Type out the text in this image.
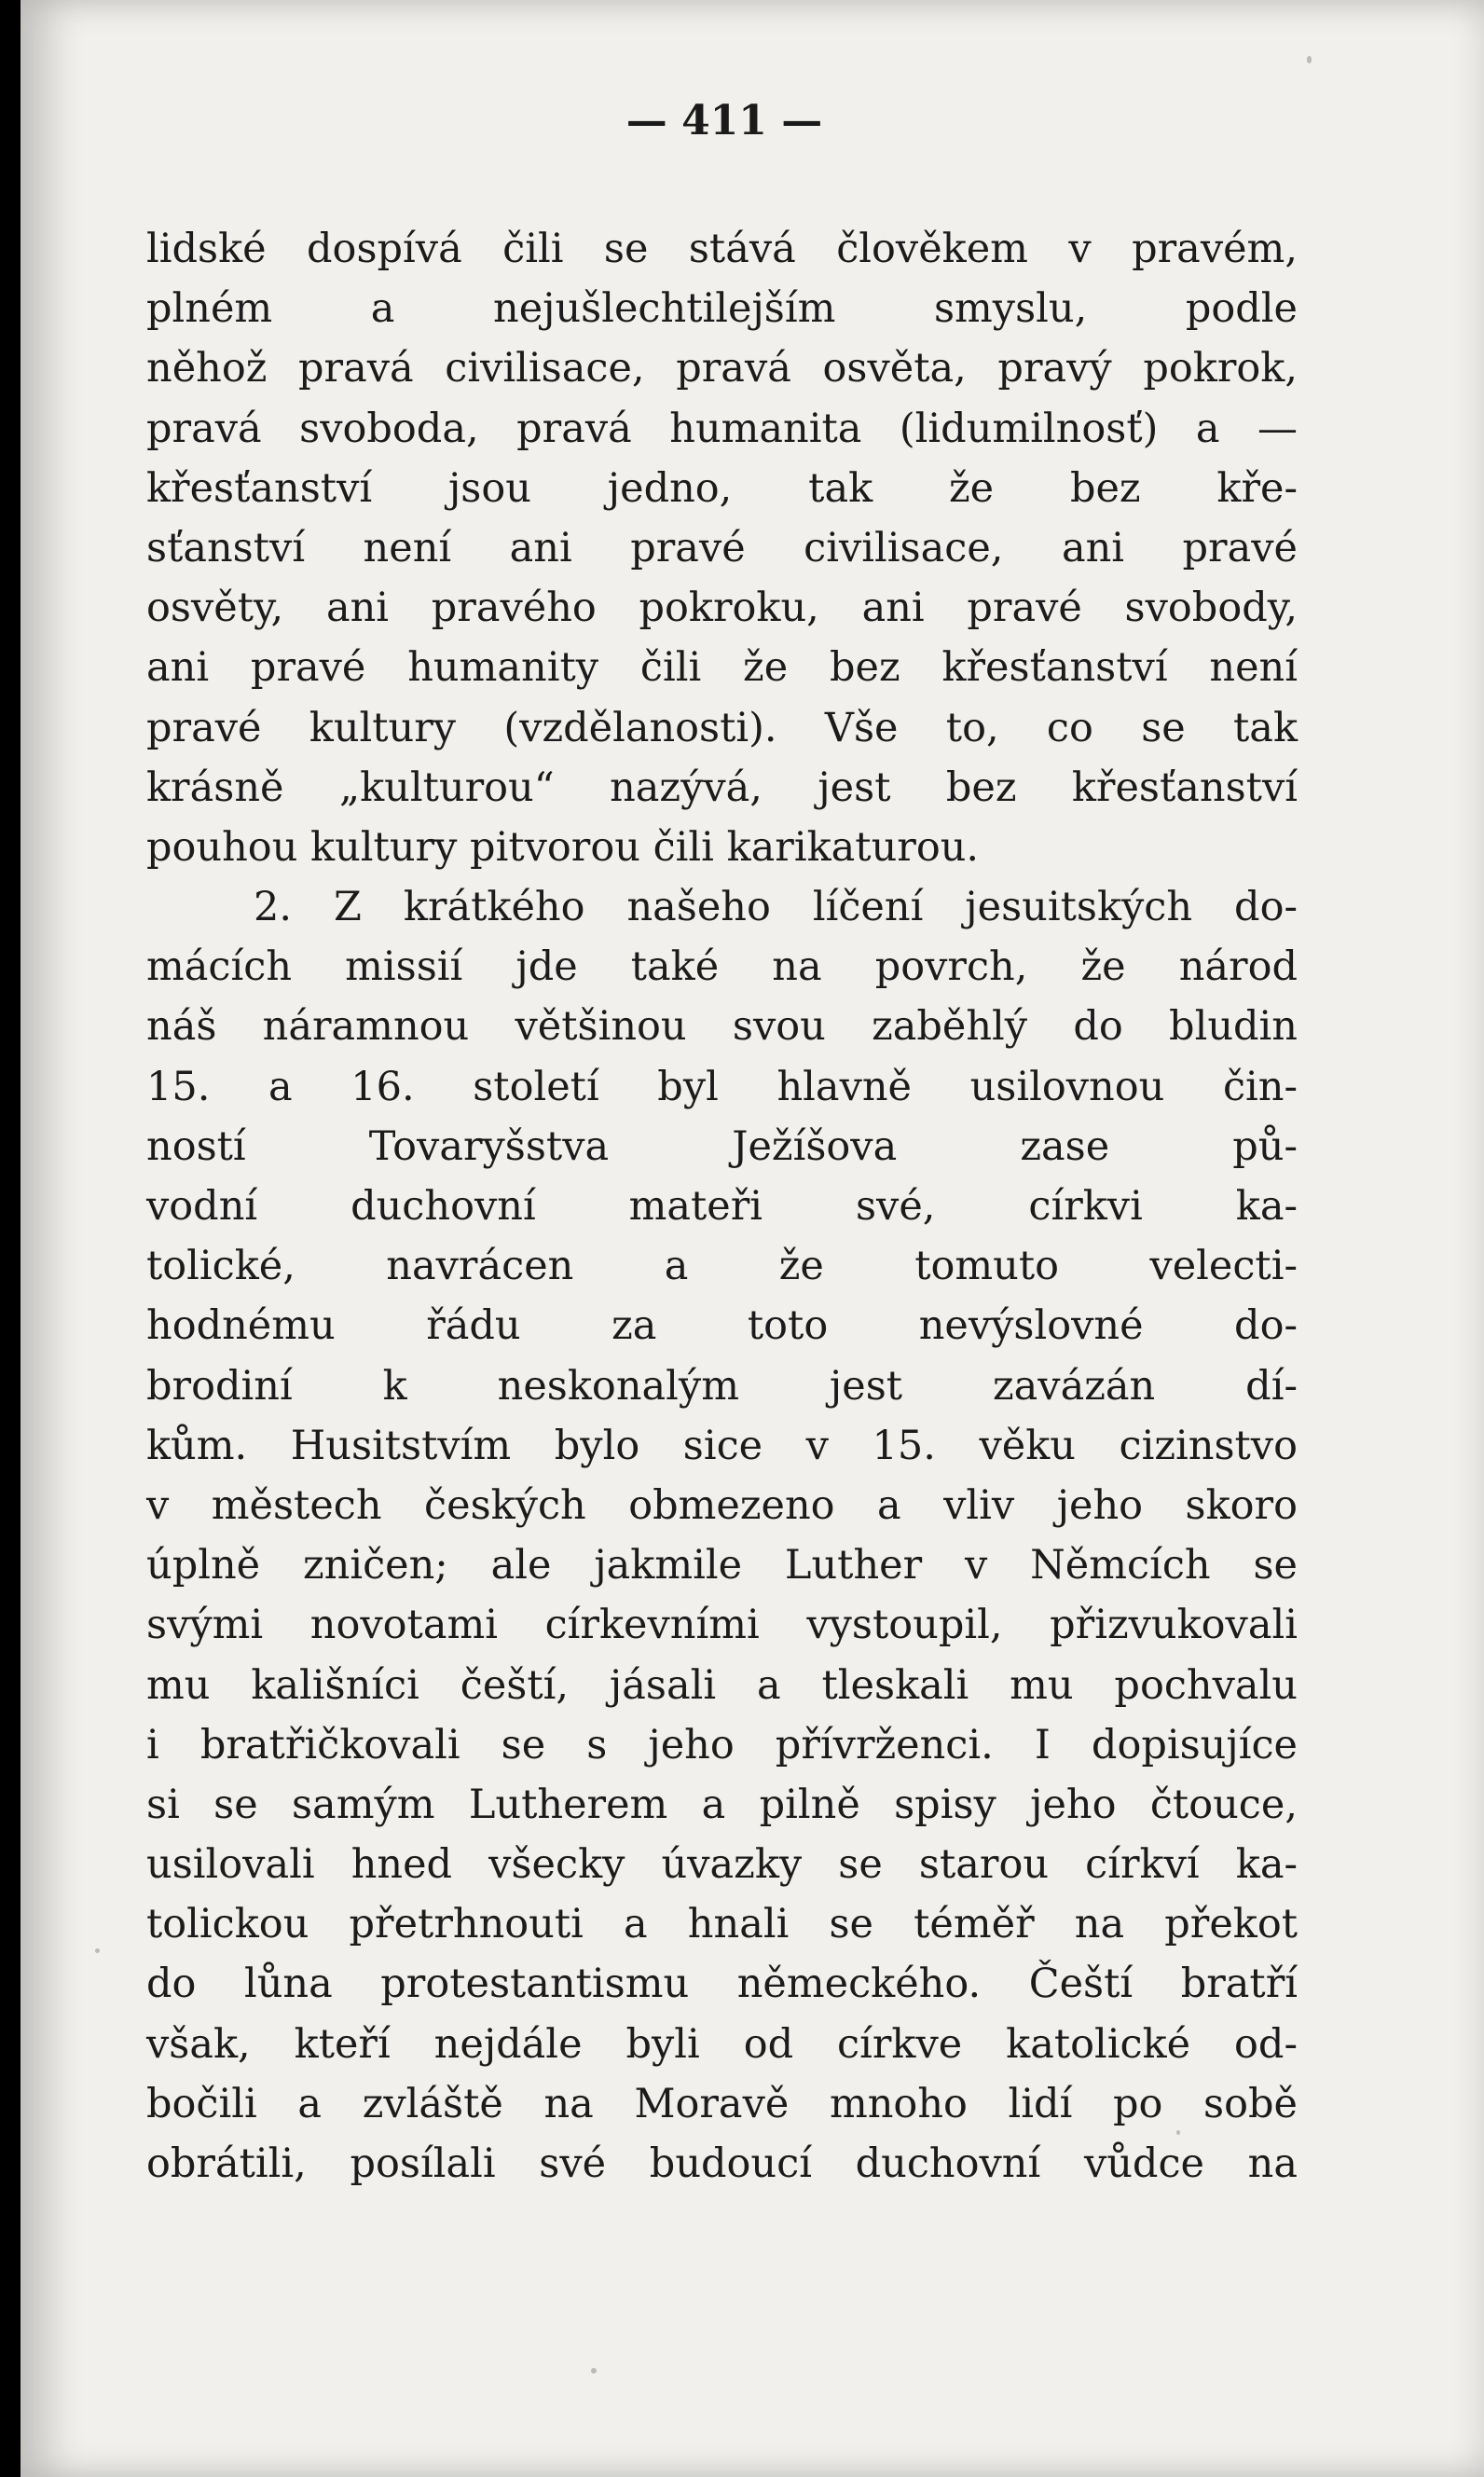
— 411 —
lidské dospívá čili se stává člověkem v pravém,
plném a nejušlechtilejším smyslu, podle
něhož pravá civilisace, pravá osvěta, pravý pokrok,
pravá svoboda, pravá humanita (lidumilnosť) a —
křesťanství jsou jedno, tak že bez kře-
sťanství není ani pravé civilisace, ani pravé
osvěty, ani pravého pokroku, ani pravé svobody,
ani pravé humanity čili že bez křesťanství není
pravé kultury (vzdělanosti). Vše to, co se tak
krásně „kulturou“ nazývá, jest bez křesťanství
pouhou kultury pitvorou čili karikaturou.
2. Z krátkého našeho líčení jesuitských do-
mácích missií jde také na povrch, že národ
náš náramnou většinou svou zaběhlý do bludin
15. a 16. století byl hlavně usilovnou čin-
ností Tovaryšstva Ježíšova zase pů-
vodní duchovní mateři své, církvi ka-
tolické, navrácen a že tomuto velecti-
hodnému řádu za toto nevýslovné do-
brodiní k neskonalým jest zavázán dí-
kům. Husitstvím bylo sice v 15. věku cizinstvo
v městech českých obmezeno a vliv jeho skoro
úplně zničen; ale jakmile Luther v Němcích se
svými novotami církevními vystoupil, přizvukovali
mu kališníci čeští, jásali a tleskali mu pochvalu
i bratřičkovali se s jeho přívrženci. I dopisujíce
si se samým Lutherem a pilně spisy jeho čtouce,
usilovali hned všecky úvazky se starou církví ka-
tolickou přetrhnouti a hnali se téměř na překot
do lůna protestantismu německého. Čeští bratří
však, kteří nejdále byli od církve katolické od-
bočili a zvláště na Moravě mnoho lidí po sobě
obrátili, posílali své budoucí duchovní vůdce na
